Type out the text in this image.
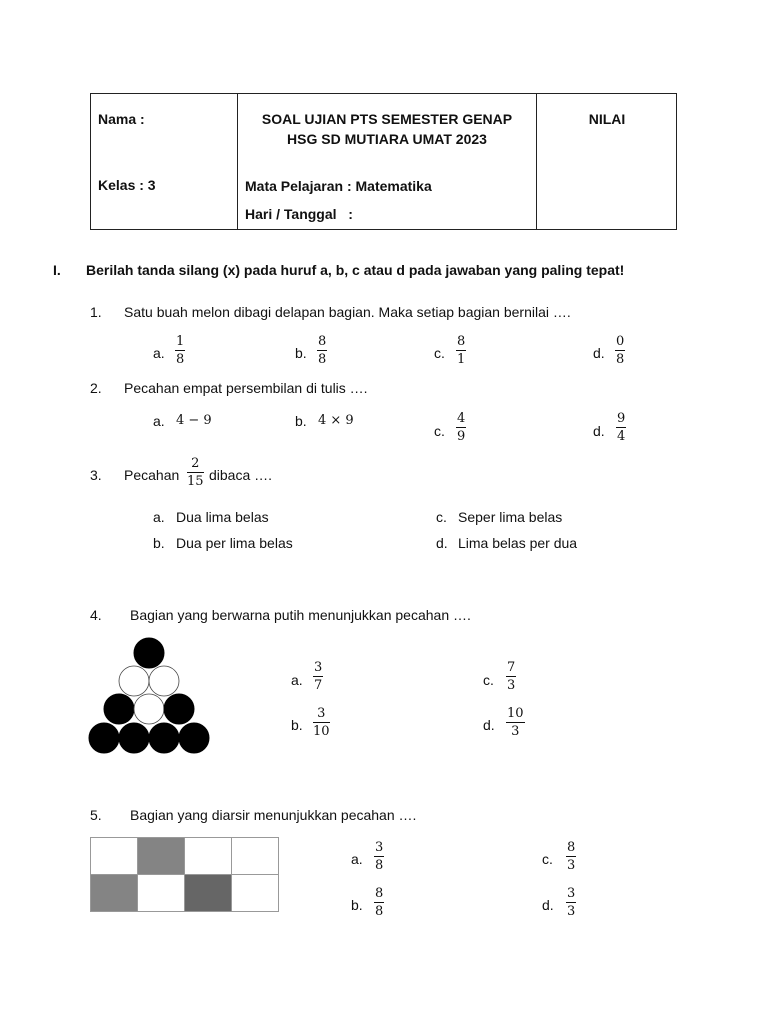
Nama :
Kelas : 3
SOAL UJIAN PTS SEMESTER GENAP
HSG SD MUTIARA UMAT 2023
Mata Pelajaran : Matematika
Hari / Tanggal   :
NILAI
I. Berilah tanda silang (x) pada huruf a, b, c atau d pada jawaban yang paling tepat!
1. Satu buah melon dibagi delapan bagian. Maka setiap bagian bernilai ….
a.
1
8	b.
8
8	c.
8
1	d.
0
8
2. Pecahan empat persembilan di tulis ….
a. 4 − 9	b. 4 × 9
c.
4
9	d.
9
4
3. Pecahan
2
15 dibaca ….
a. Dua lima belas
b. Dua per lima belas
c. Seper lima belas
d. Lima belas per dua
4. Bagian yang berwarna putih menunjukkan pecahan ….
a.
3
7
b.
3
10
c.
7
3
d.
10
3
5. Bagian yang diarsir menunjukkan pecahan ….
a.
3
8
b.
8
8
c.
8
3
d.
3
3
